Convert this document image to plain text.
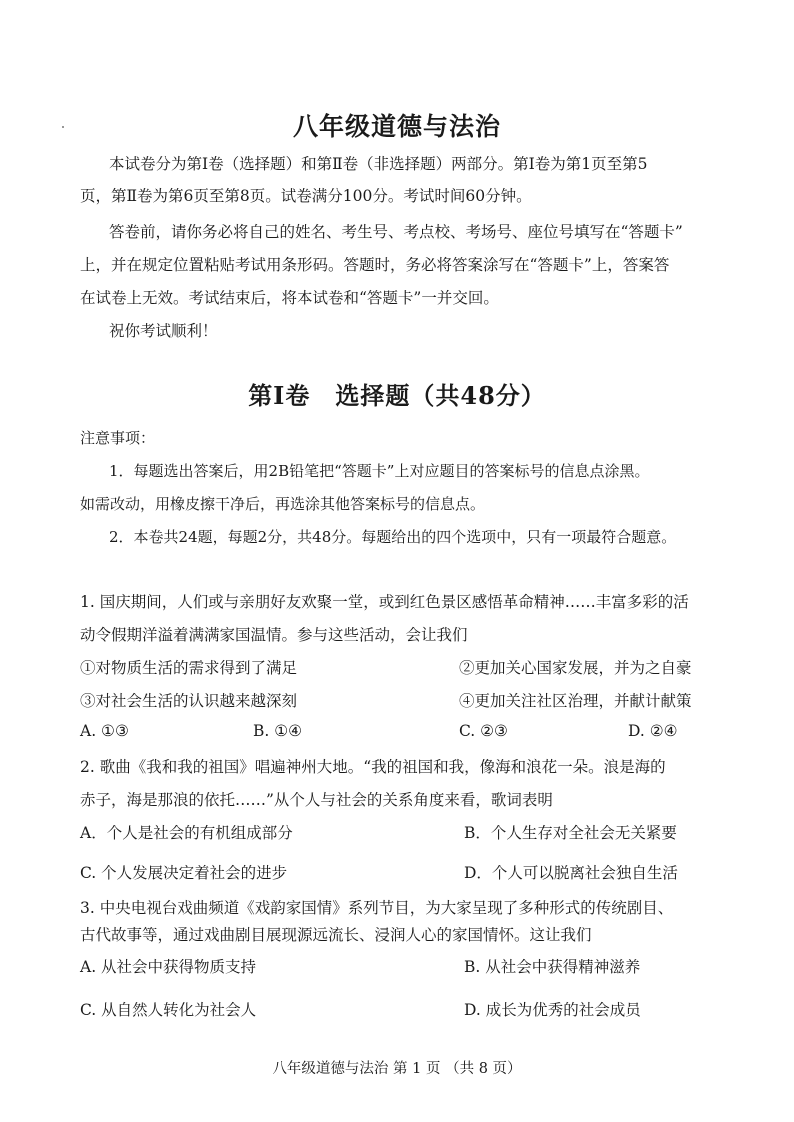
八年级道德与法治
本试卷分为第Ⅰ卷（选择题）和第Ⅱ卷（非选择题）两部分。第Ⅰ卷为第1页至第5
页，第Ⅱ卷为第6页至第8页。试卷满分100分。考试时间60分钟。
答卷前，请你务必将自己的姓名、考生号、考点校、考场号、座位号填写在“答题卡”
上，并在规定位置粘贴考试用条形码。答题时，务必将答案涂写在“答题卡”上，答案答
在试卷上无效。考试结束后，将本试卷和“答题卡”一并交回。
祝你考试顺利！
第Ⅰ卷　选择题（共48分）
注意事项：
1．每题选出答案后，用2B铅笔把“答题卡”上对应题目的答案标号的信息点涂黑。
如需改动，用橡皮擦干净后，再选涂其他答案标号的信息点。
2．本卷共24题，每题2分，共48分。每题给出的四个选项中，只有一项最符合题意。
1. 国庆期间，人们或与亲朋好友欢聚一堂，或到红色景区感悟革命精神……丰富多彩的活
动令假期洋溢着满满家国温情。参与这些活动，会让我们
①对物质生活的需求得到了满足	②更加关心国家发展，并为之自豪
③对社会生活的认识越来越深刻	④更加关注社区治理，并献计献策
A. ①③	B. ①④	C. ②③	D. ②④
2. 歌曲《我和我的祖国》唱遍神州大地。“我的祖国和我，像海和浪花一朵。浪是海的
赤子，海是那浪的依托……”从个人与社会的关系角度来看，歌词表明
A．个人是社会的有机组成部分	B．个人生存对全社会无关紧要
C. 个人发展决定着社会的进步	D．个人可以脱离社会独自生活
3. 中央电视台戏曲频道《戏韵家国情》系列节目，为大家呈现了多种形式的传统剧目、
古代故事等，通过戏曲剧目展现源远流长、浸润人心的家国情怀。这让我们
A. 从社会中获得物质支持	B. 从社会中获得精神滋养
C. 从自然人转化为社会人	D. 成长为优秀的社会成员
八年级道德与法治 第 1 页 （共 8 页）
